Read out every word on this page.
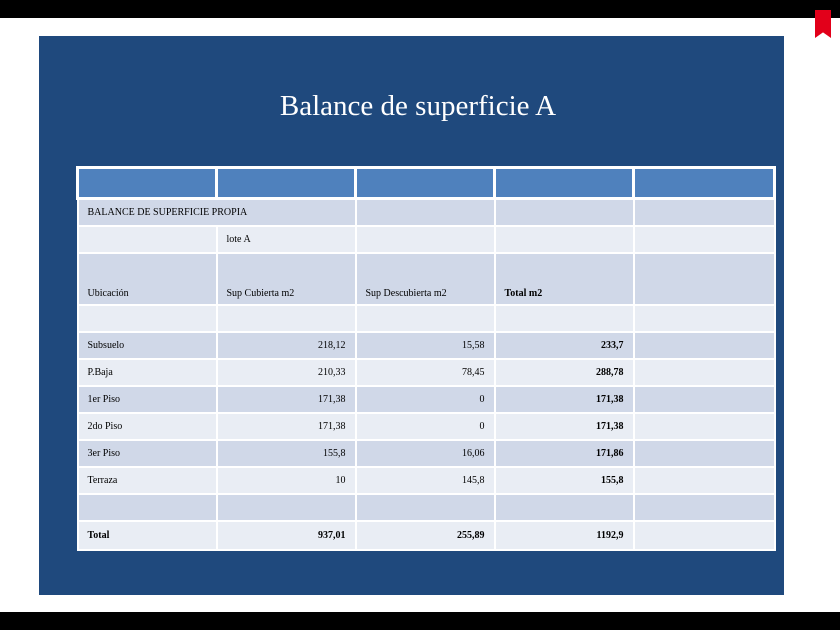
Balance de superficie A

BALANCE DE SUPERFICIE PROPIA				
	lote A			
Ubicación	Sup Cubierta m2	Sup Descubierta m2	Total m2	

Subsuelo	218,12	15,58	233,7	
P.Baja	210,33	78,45	288,78	
1er Piso	171,38	0	171,38	
2do Piso	171,38	0	171,38	
3er Piso	155,8	16,06	171,86	
Terraza	10	145,8	155,8	

Total	937,01	255,89	1192,9	
